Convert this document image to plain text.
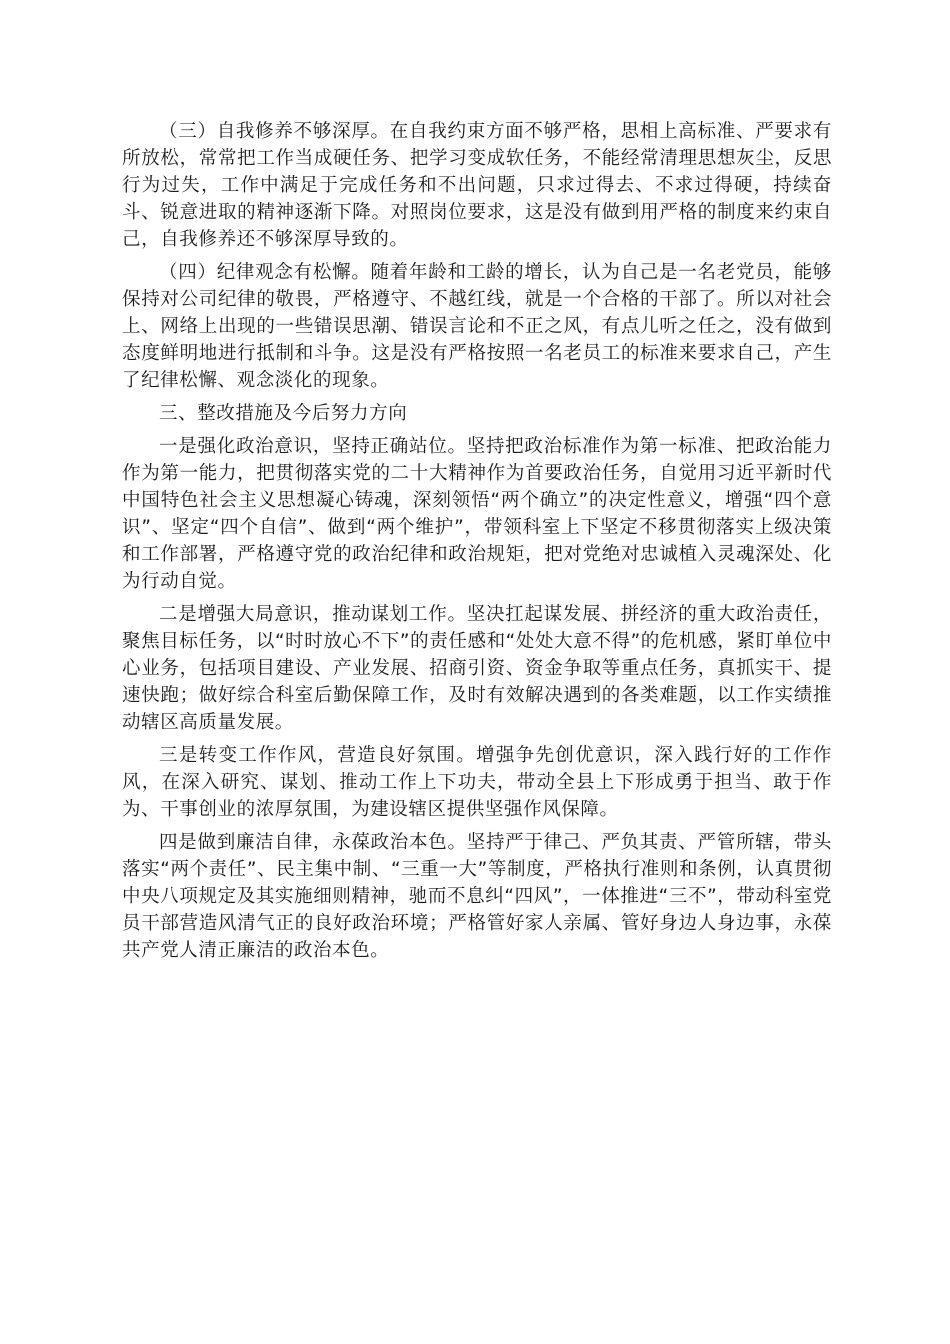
（三）自我修养不够深厚。在自我约束方面不够严格，思相上高标准、严要求有所放松，常常把工作当成硬任务、把学习变成软任务，不能经常清理思想灰尘，反思行为过失，工作中满足于完成任务和不出问题，只求过得去、不求过得硬，持续奋斗、锐意进取的精神逐渐下降。对照岗位要求，这是没有做到用严格的制度来约束自己，自我修养还不够深厚导致的。

（四）纪律观念有松懈。随着年龄和工龄的增长，认为自己是一名老党员，能够保持对公司纪律的敬畏，严格遵守、不越红线，就是一个合格的干部了。所以对社会上、网络上出现的一些错误思潮、错误言论和不正之风，有点儿听之任之，没有做到态度鲜明地进行抵制和斗争。这是没有严格按照一名老员工的标准来要求自己，产生了纪律松懈、观念淡化的现象。

三、整改措施及今后努力方向

一是强化政治意识，坚持正确站位。坚持把政治标准作为第一标准、把政治能力作为第一能力，把贯彻落实党的二十大精神作为首要政治任务，自觉用习近平新时代中国特色社会主义思想凝心铸魂，深刻领悟“两个确立”的决定性意义，增强“四个意识”、坚定“四个自信”、做到“两个维护”，带领科室上下坚定不移贯彻落实上级决策和工作部署，严格遵守党的政治纪律和政治规矩，把对党绝对忠诚植入灵魂深处、化为行动自觉。

二是增强大局意识，推动谋划工作。坚决扛起谋发展、拼经济的重大政治责任，聚焦目标任务，以“时时放心不下”的责任感和“处处大意不得”的危机感，紧盯单位中心业务，包括项目建设、产业发展、招商引资、资金争取等重点任务，真抓实干、提速快跑；做好综合科室后勤保障工作，及时有效解决遇到的各类难题，以工作实绩推动辖区高质量发展。

三是转变工作作风，营造良好氛围。增强争先创优意识，深入践行好的工作作风，在深入研究、谋划、推动工作上下功夫，带动全县上下形成勇于担当、敢于作为、干事创业的浓厚氛围，为建设辖区提供坚强作风保障。

四是做到廉洁自律，永葆政治本色。坚持严于律己、严负其责、严管所辖，带头落实“两个责任”、民主集中制、“三重一大”等制度，严格执行准则和条例，认真贯彻中央八项规定及其实施细则精神，驰而不息纠“四风”，一体推进“三不”，带动科室党员干部营造风清气正的良好政治环境；严格管好家人亲属、管好身边人身边事，永葆共产党人清正廉洁的政治本色。
